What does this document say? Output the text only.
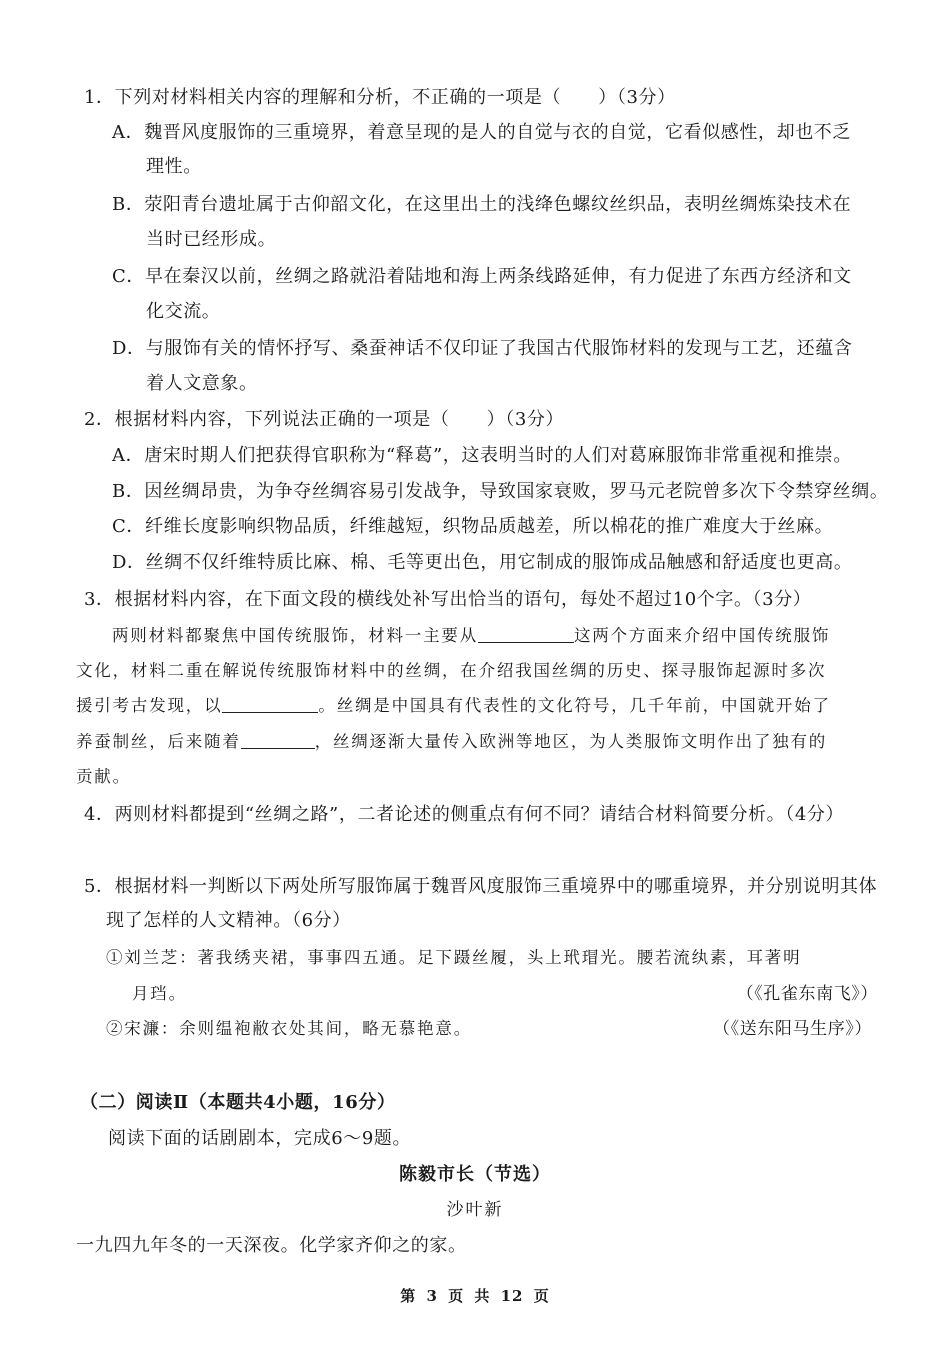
1．下列对材料相关内容的理解和分析，不正确的一项是（　　）（3分）
A．魏晋风度服饰的三重境界，着意呈现的是人的自觉与衣的自觉，它看似感性，却也不乏
理性。
B．荥阳青台遗址属于古仰韶文化，在这里出土的浅绛色螺纹丝织品，表明丝绸炼染技术在
当时已经形成。
C．早在秦汉以前，丝绸之路就沿着陆地和海上两条线路延伸，有力促进了东西方经济和文
化交流。
D．与服饰有关的情怀抒写、桑蚕神话不仅印证了我国古代服饰材料的发现与工艺，还蕴含
着人文意象。
2．根据材料内容，下列说法正确的一项是（　　）（3分）
A．唐宋时期人们把获得官职称为“释葛”，这表明当时的人们对葛麻服饰非常重视和推崇。
B．因丝绸昂贵，为争夺丝绸容易引发战争，导致国家衰败，罗马元老院曾多次下令禁穿丝绸。
C．纤维长度影响织物品质，纤维越短，织物品质越差，所以棉花的推广难度大于丝麻。
D．丝绸不仅纤维特质比麻、棉、毛等更出色，用它制成的服饰成品触感和舒适度也更高。
3．根据材料内容，在下面文段的横线处补写出恰当的语句，每处不超过10个字。（3分）
两则材料都聚焦中国传统服饰，材料一主要从	这两个方面来介绍中国传统服饰
文化，材料二重在解说传统服饰材料中的丝绸，在介绍我国丝绸的历史、探寻服饰起源时多次
援引考古发现，以	。丝绸是中国具有代表性的文化符号，几千年前，中国就开始了
养蚕制丝，后来随着	，丝绸逐渐大量传入欧洲等地区，为人类服饰文明作出了独有的
贡献。
4．两则材料都提到“丝绸之路”，二者论述的侧重点有何不同？请结合材料简要分析。（4分）
5．根据材料一判断以下两处所写服饰属于魏晋风度服饰三重境界中的哪重境界，并分别说明其体
现了怎样的人文精神。（6分）
①刘兰芝：著我绣夹裙，事事四五通。足下蹑丝履，头上玳瑁光。腰若流纨素，耳著明
月珰。	（《孔雀东南飞》）
②宋濂：余则缊袍敝衣处其间，略无慕艳意。	（《送东阳马生序》）
（二）阅读Ⅱ（本题共4小题，16分）
阅读下面的话剧剧本，完成6～9题。
陈毅市长（节选）
沙叶新
一九四九年冬的一天深夜。化学家齐仰之的家。
第 3 页 共 12 页
